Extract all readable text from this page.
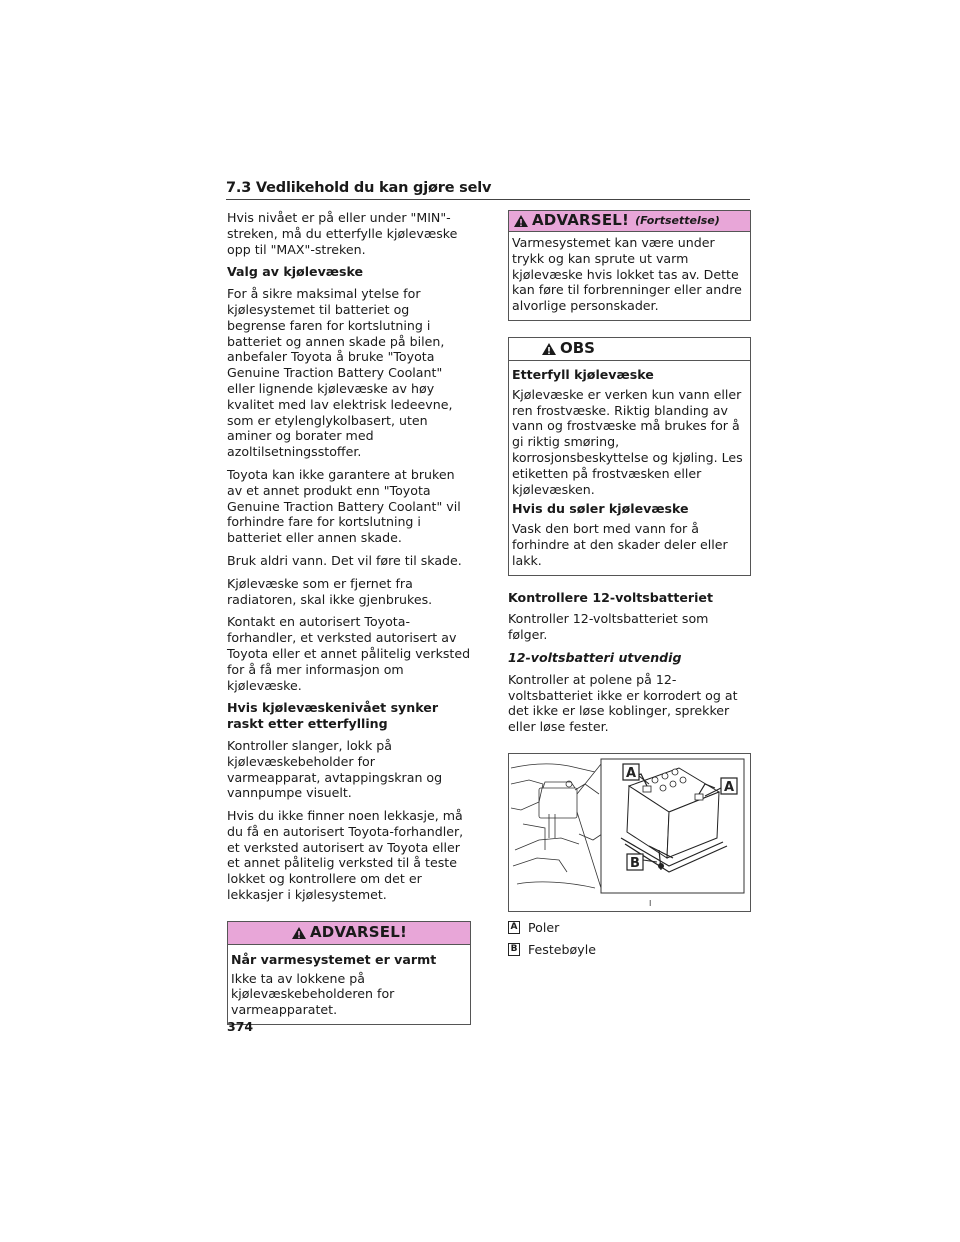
7.3 Vedlikehold du kan gjøre selv

Hvis nivået er på eller under "MIN"-streken, må du etterfylle kjølevæske opp til "MAX"-streken.

Valg av kjølevæske

For å sikre maksimal ytelse for kjølesystemet til batteriet og begrense faren for kortslutning i batteriet og annen skade på bilen, anbefaler Toyota å bruke "Toyota Genuine Traction Battery Coolant" eller lignende kjølevæske av høy kvalitet med lav elektrisk ledeevne, som er etylenglykolbasert, uten aminer og borater med azoltilsetningsstoffer.

Toyota kan ikke garantere at bruken av et annet produkt enn "Toyota Genuine Traction Battery Coolant" vil forhindre fare for kortslutning i batteriet eller annen skade.

Bruk aldri vann. Det vil føre til skade.

Kjølevæske som er fjernet fra radiatoren, skal ikke gjenbrukes.

Kontakt en autorisert Toyota-forhandler, et verksted autorisert av Toyota eller et annet pålitelig verksted for å få mer informasjon om kjølevæske.

Hvis kjølevæskenivået synker raskt etter etterfylling

Kontroller slanger, lokk på kjølevæskebeholder for varmeapparat, avtappingskran og vannpumpe visuelt.

Hvis du ikke finner noen lekkasje, må du få en autorisert Toyota-forhandler, et verksted autorisert av Toyota eller et annet pålitelig verksted til å teste lokket og kontrollere om det er lekkasjer i kjølesystemet.

ADVARSEL!

Når varmesystemet er varmt

Ikke ta av lokkene på kjølevæskebeholderen for varmeapparatet.

ADVARSEL! (Fortsettelse)

Varmesystemet kan være under trykk og kan sprute ut varm kjølevæske hvis lokket tas av. Dette kan føre til forbrenninger eller andre alvorlige personskader.

OBS

Etterfyll kjølevæske

Kjølevæske er verken kun vann eller ren frostvæske. Riktig blanding av vann og frostvæske må brukes for å gi riktig smøring, korrosjonsbeskyttelse og kjøling. Les etiketten på frostvæsken eller kjølevæsken.

Hvis du søler kjølevæske

Vask den bort med vann for å forhindre at den skader deler eller lakk.

Kontrollere 12-voltsbatteriet

Kontroller 12-voltsbatteriet som følger.

12-voltsbatteri utvendig

Kontroller at polene på 12-voltsbatteriet ikke er korrodert og at det ikke er løse koblinger, sprekker eller løse fester.

A
A
B
I
A Poler
B Festebøyle
374
